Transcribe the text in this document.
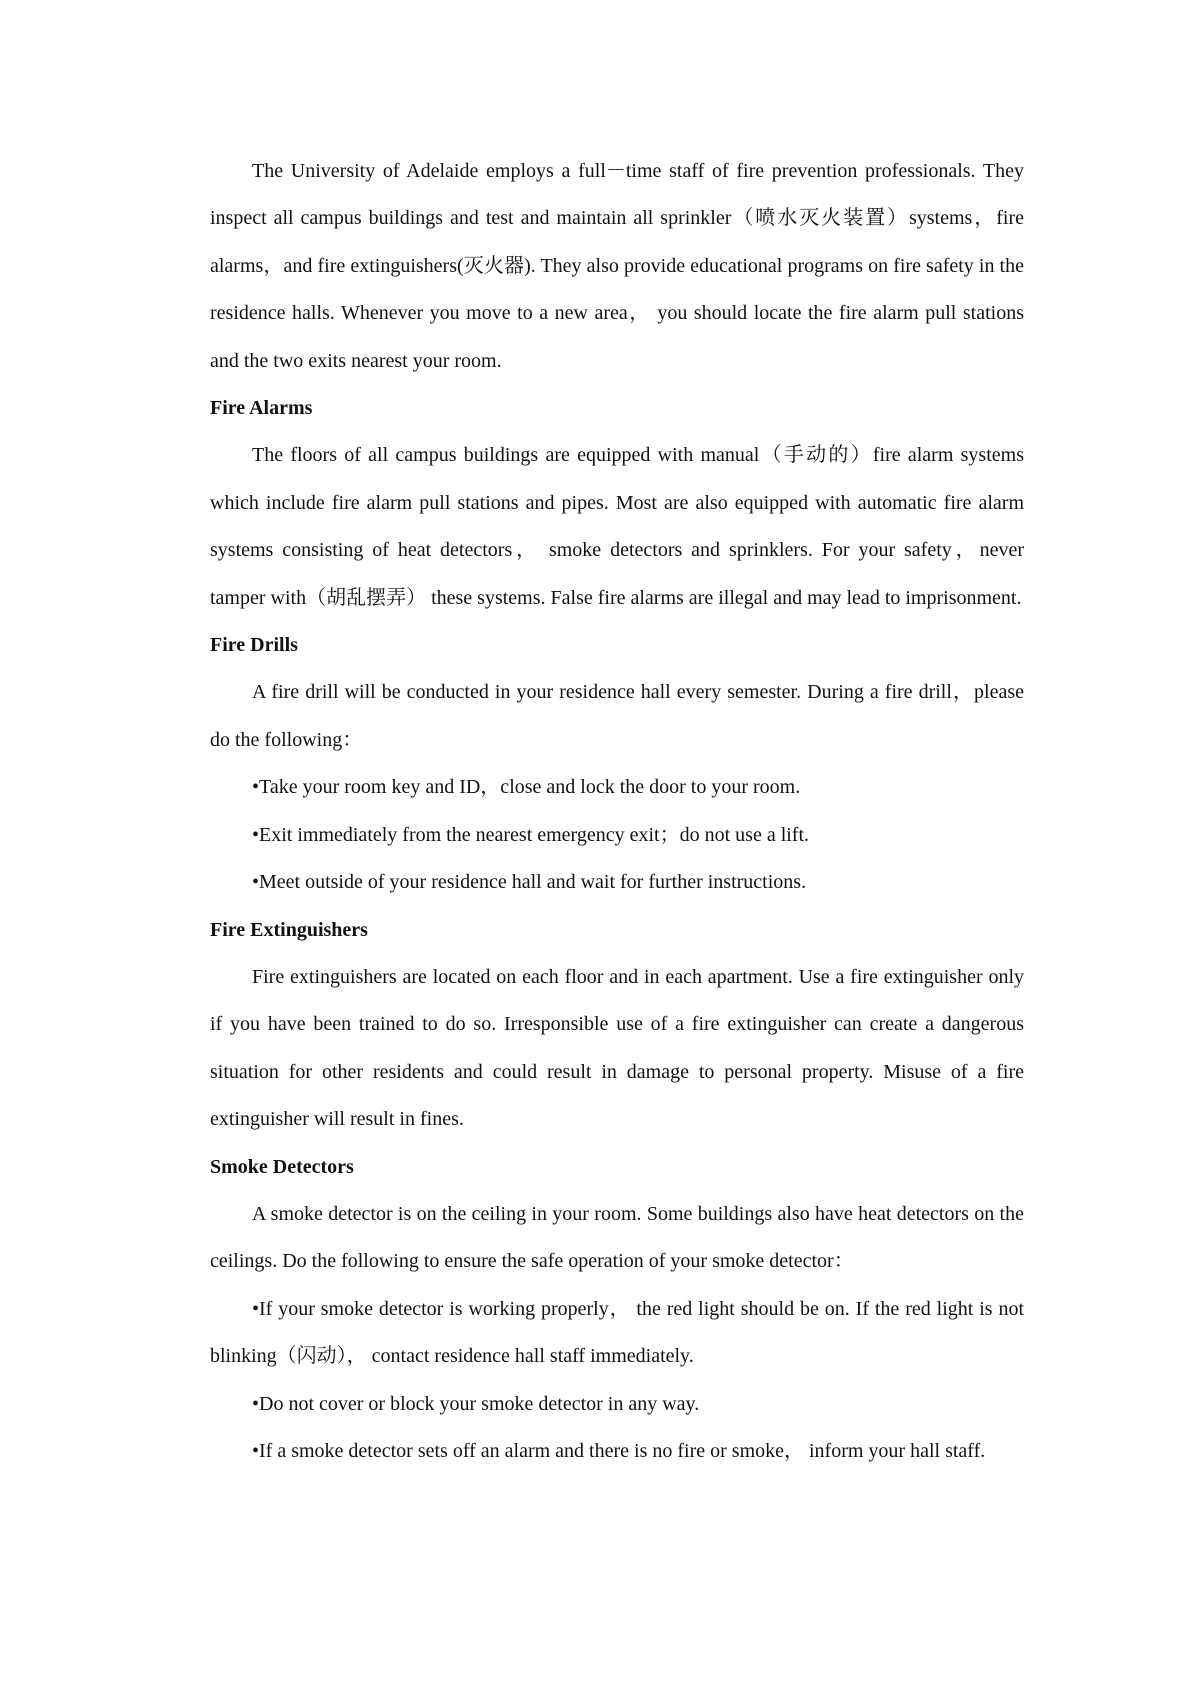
The University of Adelaide employs a full－time staff of fire prevention professionals. They inspect all campus buildings and test and maintain all sprinkler（喷水灭火装置）systems，fire alarms，and fire extinguishers(灭火器). They also provide educational programs on fire safety in the residence halls. Whenever you move to a new area， you should locate the fire alarm pull stations and the two exits nearest your room.

Fire Alarms

The floors of all campus buildings are equipped with manual（手动的）fire alarm systems which include fire alarm pull stations and pipes. Most are also equipped with automatic fire alarm systems consisting of heat detectors， smoke detectors and sprinklers. For your safety，never tamper with（胡乱摆弄） these systems. False fire alarms are illegal and may lead to imprisonment.

Fire Drills

A fire drill will be conducted in your residence hall every semester. During a fire drill，please do the following：

•Take your room key and ID，close and lock the door to your room.

•Exit immediately from the nearest emergency exit；do not use a lift.

•Meet outside of your residence hall and wait for further instructions.

Fire Extinguishers

Fire extinguishers are located on each floor and in each apartment. Use a fire extinguisher only if you have been trained to do so. Irresponsible use of a fire extinguisher can create a dangerous situation for other residents and could result in damage to personal property. Misuse of a fire extinguisher will result in fines.

Smoke Detectors

A smoke detector is on the ceiling in your room. Some buildings also have heat detectors on the ceilings. Do the following to ensure the safe operation of your smoke detector：

•If your smoke detector is working properly， the red light should be on. If the red light is not blinking（闪动）， contact residence hall staff immediately.

•Do not cover or block your smoke detector in any way.

•If a smoke detector sets off an alarm and there is no fire or smoke， inform your hall staff.
